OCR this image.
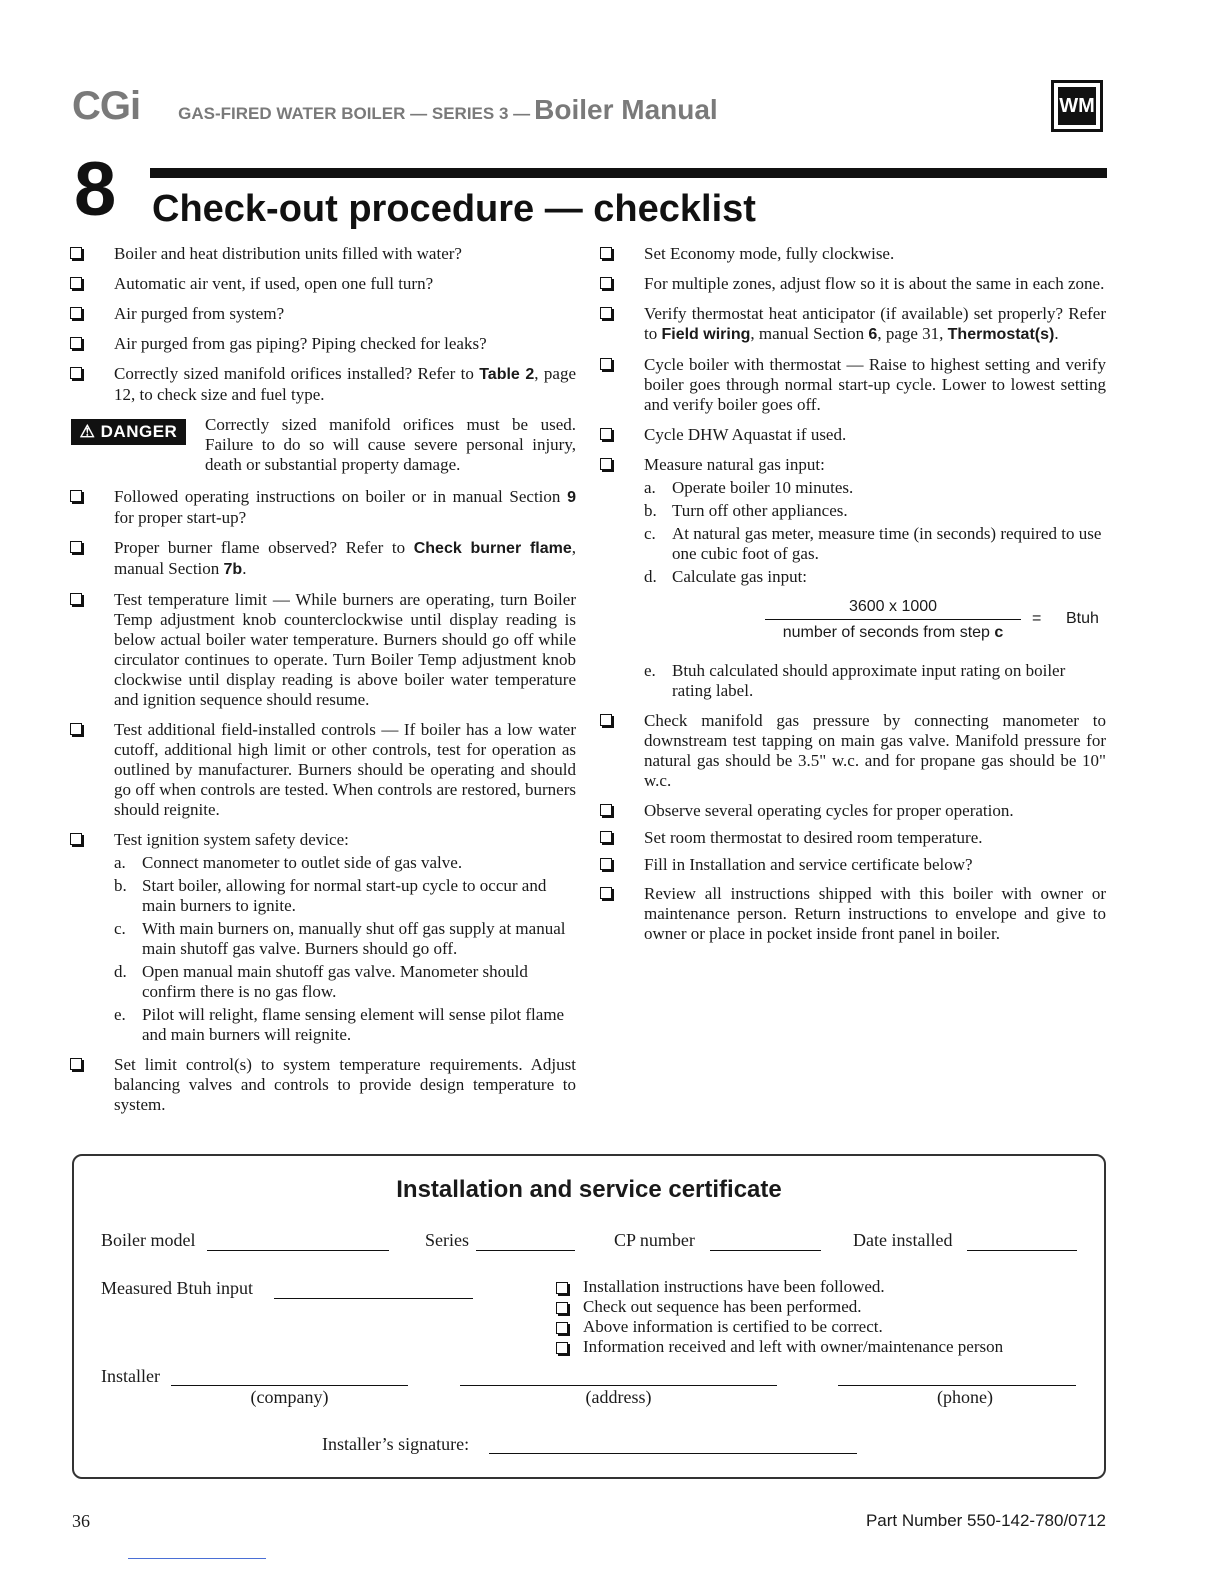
CGi GAS-FIRED WATER BOILER — SERIES 3 — Boiler Manual	WM
8 Check-out procedure — checklist
Boiler and heat distribution units filled with water?
Automatic air vent, if used, open one full turn?
Air purged from system?
Air purged from gas piping? Piping checked for leaks?
Correctly sized manifold orifices installed? Refer to Table 2, page 12, to check size and fuel type.
⚠ DANGER	Correctly sized manifold orifices must be used. Failure to do so will cause severe personal injury, death or substantial property damage.
Followed operating instructions on boiler or in manual Section 9 for proper start-up?
Proper burner flame observed? Refer to Check burner flame, manual Section 7b.
Test temperature limit — While burners are operating, turn Boiler Temp adjustment knob counterclockwise until display reading is below actual boiler water temperature. Burners should go off while circulator continues to operate. Turn Boiler Temp adjustment knob clockwise until display reading is above boiler water temperature and ignition sequence should resume.
Test additional field-installed controls — If boiler has a low water cutoff, additional high limit or other controls, test for operation as outlined by manufacturer. Burners should be operating and should go off when controls are tested. When controls are restored, burners should reignite.
Test ignition system safety device:
a. Connect manometer to outlet side of gas valve.
b. Start boiler, allowing for normal start-up cycle to occur and main burners to ignite.
c. With main burners on, manually shut off gas supply at manual main shutoff gas valve. Burners should go off.
d. Open manual main shutoff gas valve. Manometer should confirm there is no gas flow.
e. Pilot will relight, flame sensing element will sense pilot flame and main burners will reignite.
Set limit control(s) to system temperature requirements. Adjust balancing valves and controls to provide design temperature to system.
Set Economy mode, fully clockwise.
For multiple zones, adjust flow so it is about the same in each zone.
Verify thermostat heat anticipator (if available) set properly? Refer to Field wiring, manual Section 6, page 31, Thermostat(s).
Cycle boiler with thermostat — Raise to highest setting and verify boiler goes through normal start-up cycle. Lower to lowest setting and verify boiler goes off.
Cycle DHW Aquastat if used.
Measure natural gas input:
a. Operate boiler 10 minutes.
b. Turn off other appliances.
c. At natural gas meter, measure time (in seconds) required to use one cubic foot of gas.
d. Calculate gas input:
3600 x 1000
number of seconds from step c
= Btuh
e. Btuh calculated should approximate input rating on boiler rating label.
Check manifold gas pressure by connecting manometer to downstream test tapping on main gas valve. Manifold pressure for natural gas should be 3.5" w.c. and for propane gas should be 10" w.c.
Observe several operating cycles for proper operation.
Set room thermostat to desired room temperature.
Fill in Installation and service certificate below?
Review all instructions shipped with this boiler with owner or maintenance person. Return instructions to envelope and give to owner or place in pocket inside front panel in boiler.
Installation and service certificate
Boiler model	Series	CP number	Date installed
Measured Btuh input	Installation instructions have been followed.
Check out sequence has been performed.
Above information is certified to be correct.
Information received and left with owner/maintenance person
Installer
(company)	(address)	(phone)
Installer’s signature:
36	Part Number 550-142-780/0712
